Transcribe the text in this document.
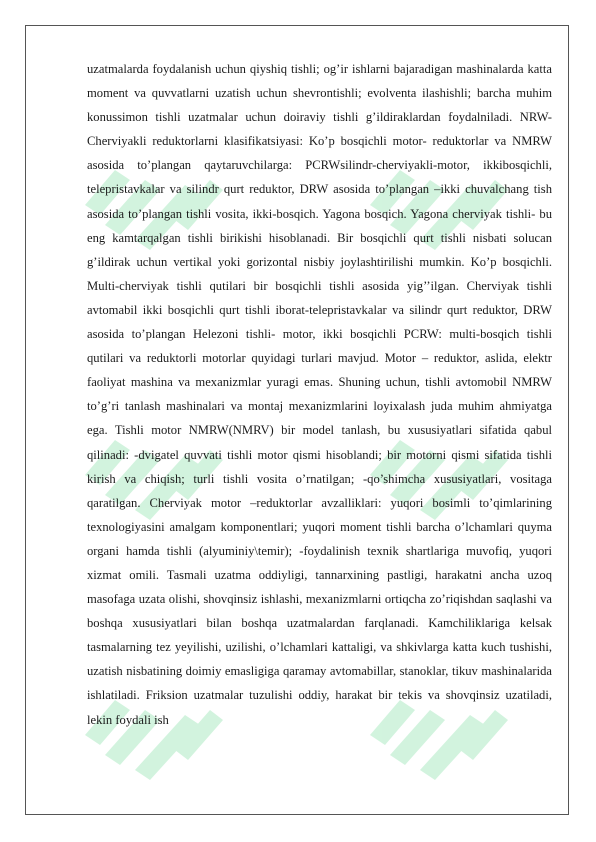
uzatmalarda foydalanish uchun qiyshiq tishli; og’ir ishlarni bajaradigan mashinalarda katta moment va quvvatlarni uzatish uchun shevrontishli; evolventa ilashishli; barcha muhim konussimon tishli uzatmalar uchun doiraviy tishli g’ildiraklardan foydalniladi. NRW-Cherviyakli reduktorlarni klasifikatsiyasi: Ko’p bosqichli motor- reduktorlar va NMRW asosida to’plangan qaytaruvchilarga: PCRWsilindr-cherviyakli-motor, ikkibosqichli, telepristavkalar va silindr qurt reduktor, DRW asosida to’plangan –ikki chuvalchang tish asosida to’plangan tishli vosita, ikki-bosqich. Yagona bosqich. Yagona cherviyak tishli- bu eng kamtarqalgan tishli birikishi hisoblanadi. Bir bosqichli qurt tishli nisbati solucan g’ildirak uchun vertikal yoki gorizontal nisbiy joylashtirilishi mumkin. Ko’p bosqichli. Multi-cherviyak tishli qutilari bir bosqichli tishli asosida yig’’ilgan. Cherviyak tishli avtomabil ikki bosqichli qurt tishli iborat-telepristavkalar va silindr qurt reduktor, DRW asosida to’plangan Helezoni tishli- motor, ikki bosqichli PCRW: multi-bosqich tishli qutilari va reduktorli motorlar quyidagi turlari mavjud. Motor – reduktor, aslida, elektr faoliyat mashina va mexanizmlar yuragi emas. Shuning uchun, tishli avtomobil NMRW to’g’ri tanlash mashinalari va montaj mexanizmlarini loyixalash juda muhim ahmiyatga ega. Tishli motor NMRW(NMRV) bir model tanlash, bu xususiyatlari sifatida qabul qilinadi: -dvigatel quvvati tishli motor qismi hisoblandi; bir motorni qismi sifatida tishli kirish va chiqish; turli tishli vosita o’rnatilgan; -qo’shimcha xususiyatlari, vositaga qaratilgan. Cherviyak motor –reduktorlar avzalliklari: yuqori bosimli to’qimlarining texnologiyasini amalgam komponentlari; yuqori moment tishli barcha o’lchamlari quyma organi hamda tishli (alyuminiy\temir); -foydalinish texnik shartlariga muvofiq, yuqori xizmat omili. Tasmali uzatma oddiyligi, tannarxining pastligi, harakatni ancha uzoq masofaga uzata olishi, shovqinsiz ishlashi, mexanizmlarni ortiqcha zo’riqishdan saqlashi va boshqa xususiyatlari bilan boshqa uzatmalardan farqlanadi. Kamchiliklariga kelsak tasmalarning tez yeyilishi, uzilishi, o’lchamlari kattaligi, va shkivlarga katta kuch tushishi, uzatish nisbatining doimiy emasligiga qaramay avtomabillar, stanoklar, tikuv mashinalarida ishlatiladi. Friksion uzatmalar tuzulishi oddiy, harakat bir tekis va shovqinsiz uzatiladi, lekin foydali ish
